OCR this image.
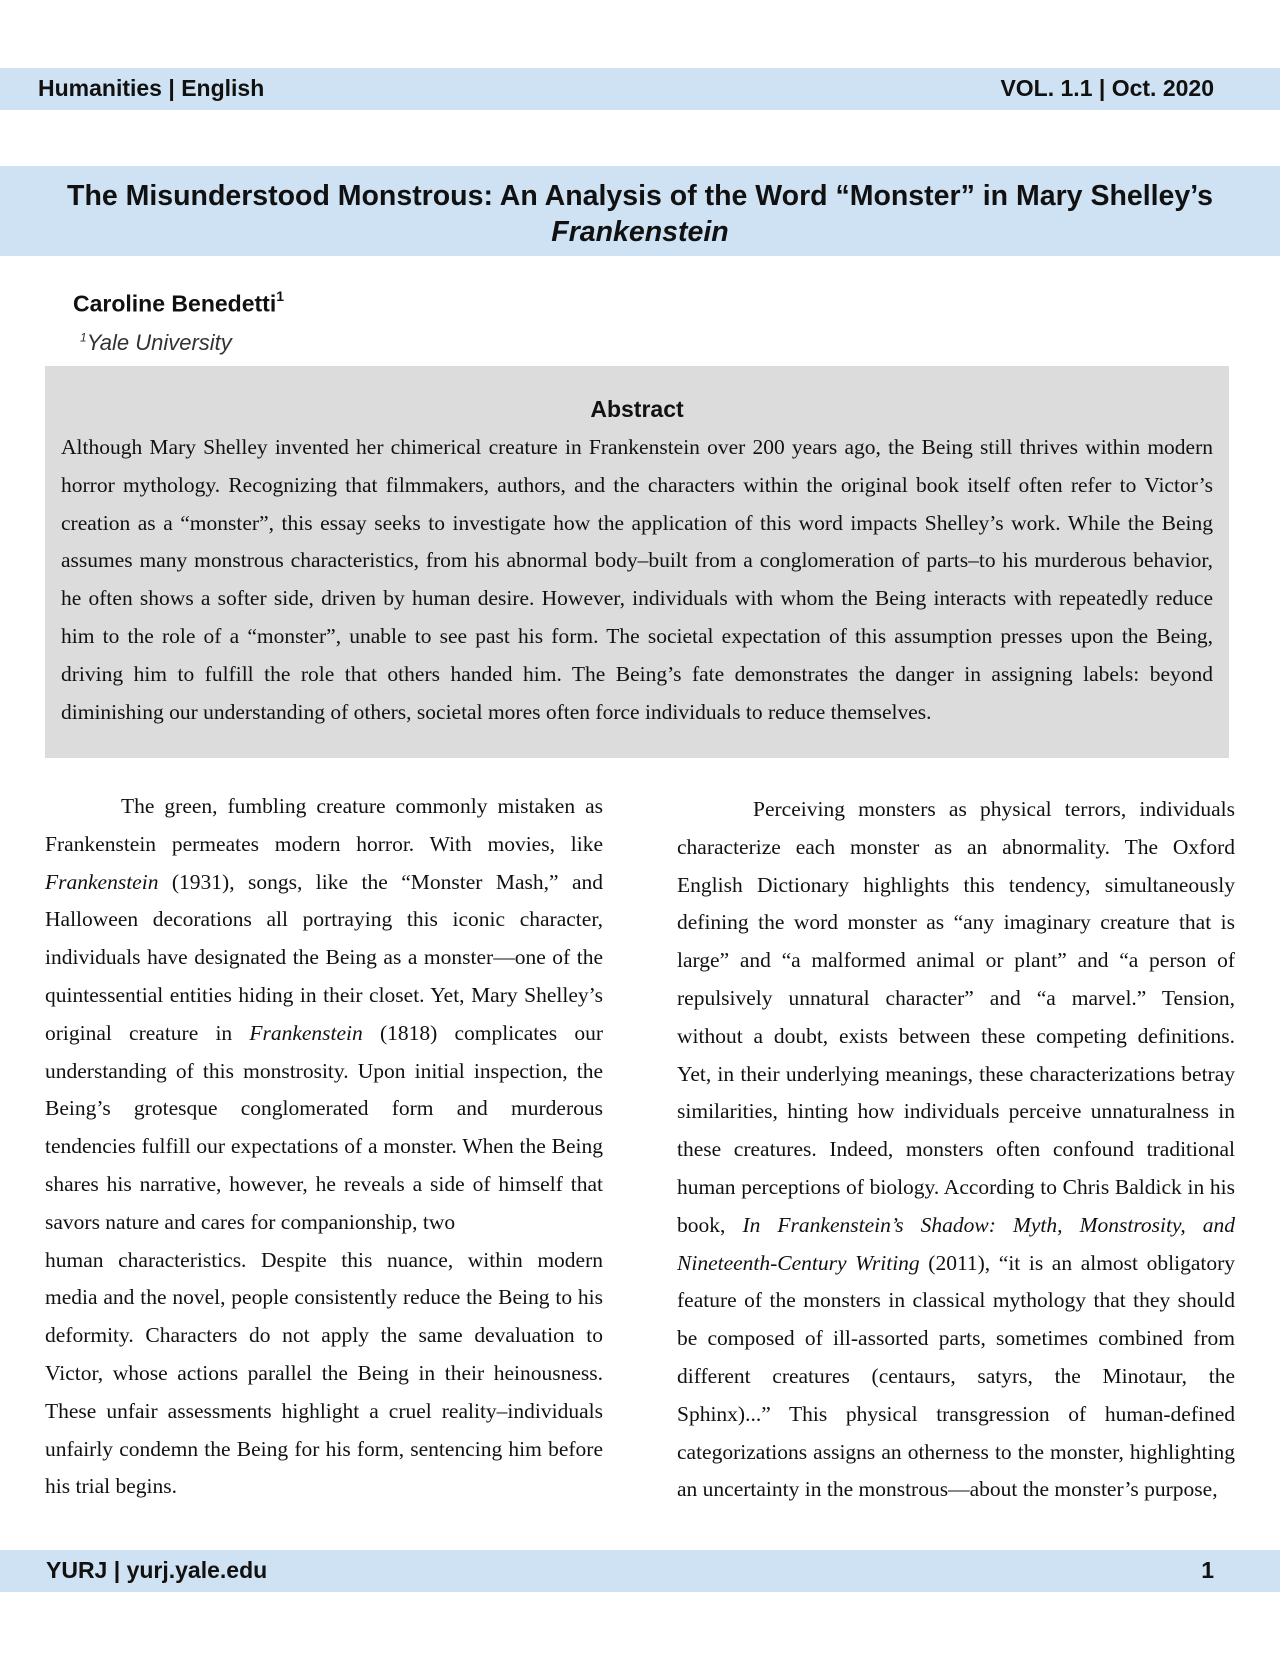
Humanities | English	VOL. 1.1 | Oct. 2020
The Misunderstood Monstrous: An Analysis of the Word “Monster” in Mary Shelley’s
Frankenstein
Caroline Benedetti$^1$
$^1$Yale University
Abstract
Although Mary Shelley invented her chimerical creature in Frankenstein over 200 years ago, the Being still thrives within modern horror mythology. Recognizing that filmmakers, authors, and the characters within the original book itself often refer to Victor’s creation as a “monster”, this essay seeks to investigate how the application of this word impacts Shelley’s work. While the Being assumes many monstrous characteristics, from his abnormal body–built from a conglomeration of parts–to his murderous behavior, he often shows a softer side, driven by human desire. However, individuals with whom the Being interacts with repeatedly reduce him to the role of a “monster”, unable to see past his form. The societal expectation of this assumption presses upon the Being, driving him to fulfill the role that others handed him. The Being’s fate demonstrates the danger in assigning labels: beyond diminishing our understanding of others, societal mores often force individuals to reduce themselves.

The green, fumbling creature commonly mistaken as Frankenstein permeates modern horror. With movies, like Frankenstein (1931), songs, like the “Monster Mash,” and Halloween decorations all portraying this iconic character, individuals have designated the Being as a monster—one of the quintessential entities hiding in their closet. Yet, Mary Shelley’s original creature in Frankenstein (1818) complicates our understanding of this monstrosity. Upon initial inspection, the Being’s grotesque conglomerated form and murderous tendencies fulfill our expectations of a monster. When the Being shares his narrative, however, he reveals a side of himself that savors nature and cares for companionship, two

human characteristics. Despite this nuance, within modern media and the novel, people consistently reduce the Being to his deformity. Characters do not apply the same devaluation to Victor, whose actions parallel the Being in their heinousness. These unfair assessments highlight a cruel reality–individuals unfairly condemn the Being for his form, sentencing him before his trial begins.

Perceiving monsters as physical terrors, individuals characterize each monster as an abnormality. The Oxford English Dictionary highlights this tendency, simultaneously defining the word monster as “any imaginary creature that is large” and “a malformed animal or plant” and “a person of repulsively unnatural character” and “a marvel.” Tension, without a doubt, exists between these competing definitions. Yet, in their underlying meanings, these characterizations betray similarities, hinting how individuals perceive unnaturalness in these creatures. Indeed, monsters often confound traditional human perceptions of biology. According to Chris Baldick in his book, In Frankenstein’s Shadow: Myth, Monstrosity, and Nineteenth-Century Writing (2011), “it is an almost obligatory feature of the monsters in classical mythology that they should be composed of ill-assorted parts, sometimes combined from different creatures (centaurs, satyrs, the Minotaur, the Sphinx)...” This physical transgression of human-defined categorizations assigns an otherness to the monster, highlighting an uncertainty in the monstrous—about the monster’s purpose,

YURJ | yurj.yale.edu	1
